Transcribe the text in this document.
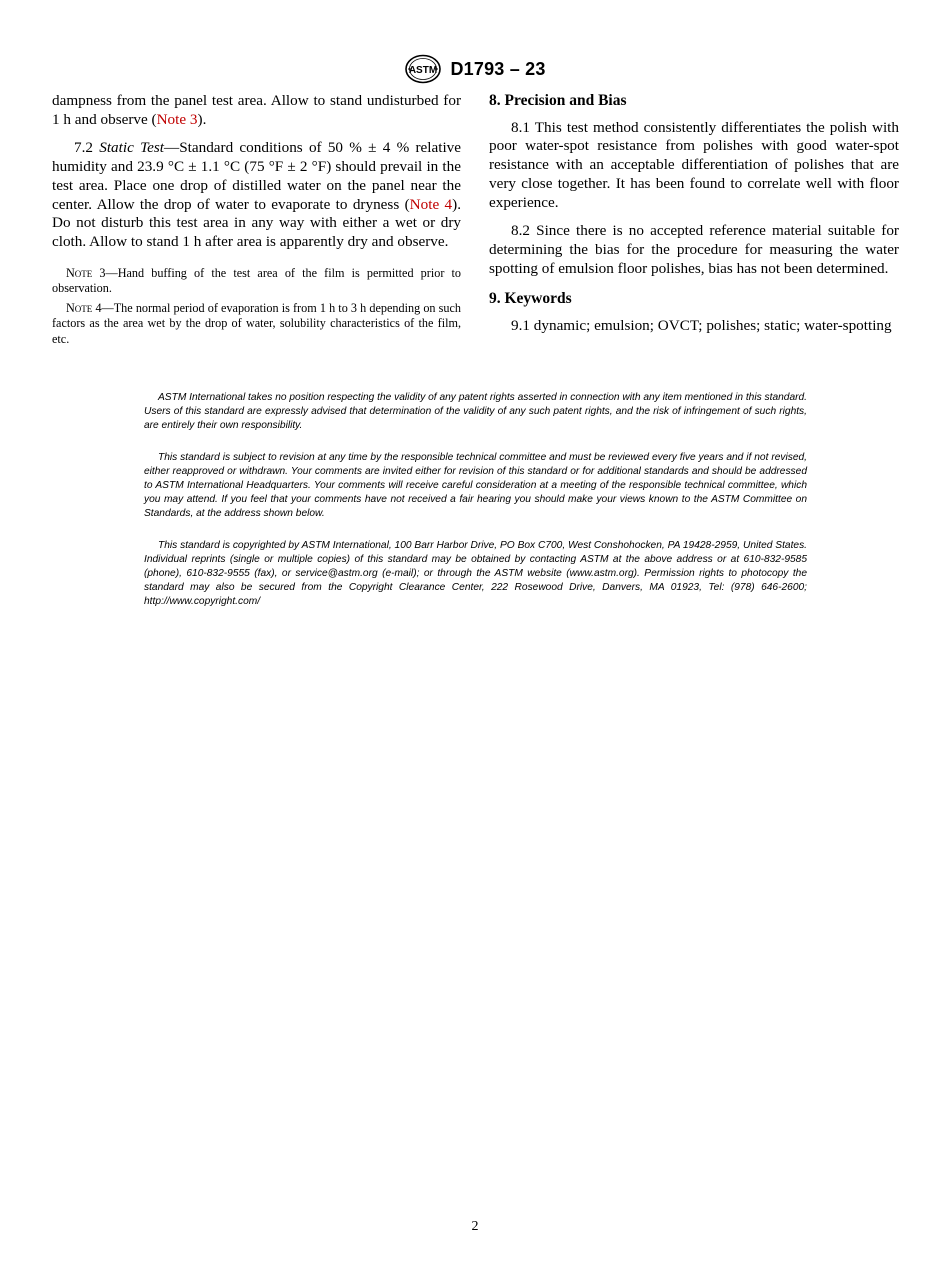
ASTM D1793 – 23

dampness from the panel test area. Allow to stand undisturbed for 1 h and observe (Note 3).

7.2 Static Test—Standard conditions of 50 % ± 4 % relative humidity and 23.9 °C ± 1.1 °C (75 °F ± 2 °F) should prevail in the test area. Place one drop of distilled water on the panel near the center. Allow the drop of water to evaporate to dryness (Note 4). Do not disturb this test area in any way with either a wet or dry cloth. Allow to stand 1 h after area is apparently dry and observe.

Note 3—Hand buffing of the test area of the film is permitted prior to observation.

Note 4—The normal period of evaporation is from 1 h to 3 h depending on such factors as the area wet by the drop of water, solubility characteristics of the film, etc.

8. Precision and Bias

8.1 This test method consistently differentiates the polish with poor water-spot resistance from polishes with good water-spot resistance with an acceptable differentiation of polishes that are very close together. It has been found to correlate well with floor experience.

8.2 Since there is no accepted reference material suitable for determining the bias for the procedure for measuring the water spotting of emulsion floor polishes, bias has not been determined.

9. Keywords

9.1 dynamic; emulsion; OVCT; polishes; static; water-spotting

ASTM International takes no position respecting the validity of any patent rights asserted in connection with any item mentioned in this standard. Users of this standard are expressly advised that determination of the validity of any such patent rights, and the risk of infringement of such rights, are entirely their own responsibility.

This standard is subject to revision at any time by the responsible technical committee and must be reviewed every five years and if not revised, either reapproved or withdrawn. Your comments are invited either for revision of this standard or for additional standards and should be addressed to ASTM International Headquarters. Your comments will receive careful consideration at a meeting of the responsible technical committee, which you may attend. If you feel that your comments have not received a fair hearing you should make your views known to the ASTM Committee on Standards, at the address shown below.

This standard is copyrighted by ASTM International, 100 Barr Harbor Drive, PO Box C700, West Conshohocken, PA 19428-2959, United States. Individual reprints (single or multiple copies) of this standard may be obtained by contacting ASTM at the above address or at 610-832-9585 (phone), 610-832-9555 (fax), or service@astm.org (e-mail); or through the ASTM website (www.astm.org). Permission rights to photocopy the standard may also be secured from the Copyright Clearance Center, 222 Rosewood Drive, Danvers, MA 01923, Tel: (978) 646-2600; http://www.copyright.com/

2
